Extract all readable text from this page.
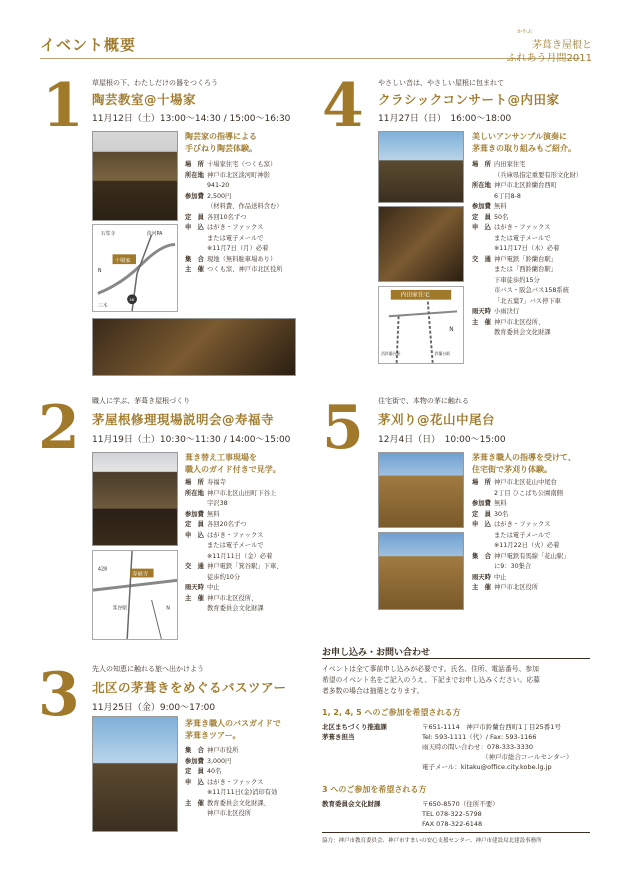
イベント概要
かやぶ
茅葺き屋根と
ふれあう月間2011
1 草屋根の下、わたしだけの器をつくろう
陶芸教室@十場家
11月12日（土）13:00～14:30 / 15:00～16:30
石峯寺	淡河PA
十場家
N
38
三木
陶芸家の指導による
手びねり陶芸体験。
場　所 十場家住宅（つくも窯）
所在地 神戸市北区淡河町神影
941-20
参加費 2,500円
（材料費、作品送料含む）
定　員 各回10名ずつ
申　込 はがき・ファックス
または電子メールで
※11月7日（月）必着
集　合 現地（無料駐車場あり）
主　催 つくも窯、神戸市北区役所
2 職人に学ぶ、茅葺き屋根づくり
茅屋根修理現場説明会@寿福寺
11月19日（土）10:30～11:30 / 14:00～15:00
428
寿福寺
箕谷駅	N
葺き替え工事現場を
職人のガイド付きで見学。
場　所 寿福寺
所在地 神戸市北区山田町下谷上
字沢38
参加費 無料
定　員 各回20名ずつ
申　込 はがき・ファックス
または電子メールで
※11月11日（金）必着
交　通 神戸電鉄「箕谷駅」下車、
徒歩約10分
雨天時 中止
主　催 神戸市北区役所、
教育委員会文化財課
3 先人の知恵に触れる旅へ出かけよう
北区の茅葺きをめぐるバスツアー
11月25日（金）9:00～17:00
茅葺き職人のバスガイドで
茅葺きツアー。
集　合 神戸市役所
参加費 3,000円
定　員 40名
申　込 はがき・ファックス
※11月11日(金)消印有効
主　催 教育委員会文化財課、
神戸市北区役所
4 やさしい音は、やさしい屋根に包まれて
クラシックコンサート@内田家
11月27日（日）　16:00～18:00
内田家住宅
N
鈴蘭台駅
西鈴蘭台駅
美しいアンサンブル演奏に
茅葺きの取り組みもご紹介。
場　所 内田家住宅
（兵庫県指定重要有形文化財）
所在地 神戸市北区鈴蘭台西町
6丁目8-8
参加費 無料
定　員 50名
申　込 はがき・ファックス
または電子メールで
※11月17日（木）必着
交　通 神戸電鉄「鈴蘭台駅」
または「西鈴蘭台駅」
下車徒歩約15分
市バス・阪急バス158系統
「北五葉7」バス停下車
雨天時 小雨決行
主　催 神戸市北区役所、
教育委員会文化財課
5 住宅街で、本物の茅に触れる
茅刈り@花山中尾台
12月4日（日）　10:00～15:00
茅葺き職人の指導を受けて、
住宅街で茅刈り体験。
場　所 神戸市北区花山中尾台
2丁目 ひこばち公園南側
参加費 無料
定　員 30名
申　込 はがき・ファックス
または電子メールで
※11月22日（火）必着
集　合 神戸電鉄有馬線「花山駅」
に9：30集合
雨天時 中止
主　催 神戸市北区役所
お申し込み・お問い合わせ
イベントは全て事前申し込みが必要です。氏名、住所、電話番号、参加
希望のイベント名をご記入のうえ、下記までお申し込みください。応募
者多数の場合は抽選となります。
1, 2, 4, 5 へのご参加を希望される方
北区まちづくり推進課
茅葺き担当
〒651-1114　神戸市鈴蘭台西町1丁目25番1号
Tel: 593-1111（代）/ Fax: 593-1166
雨天時の問い合わせ：078-333-3330
（神戸市総合コールセンター）
電子メール：kitaku@office.city.kobe.lg.jp
3 へのご参加を希望される方
教育委員会文化財課	〒650-8570（住所不要）
TEL 078-322-5798
FAX 078-322-6148
協力：神戸市教育委員会、神戸市すまいの安心支援センター、神戸市建設局北建設事務所
